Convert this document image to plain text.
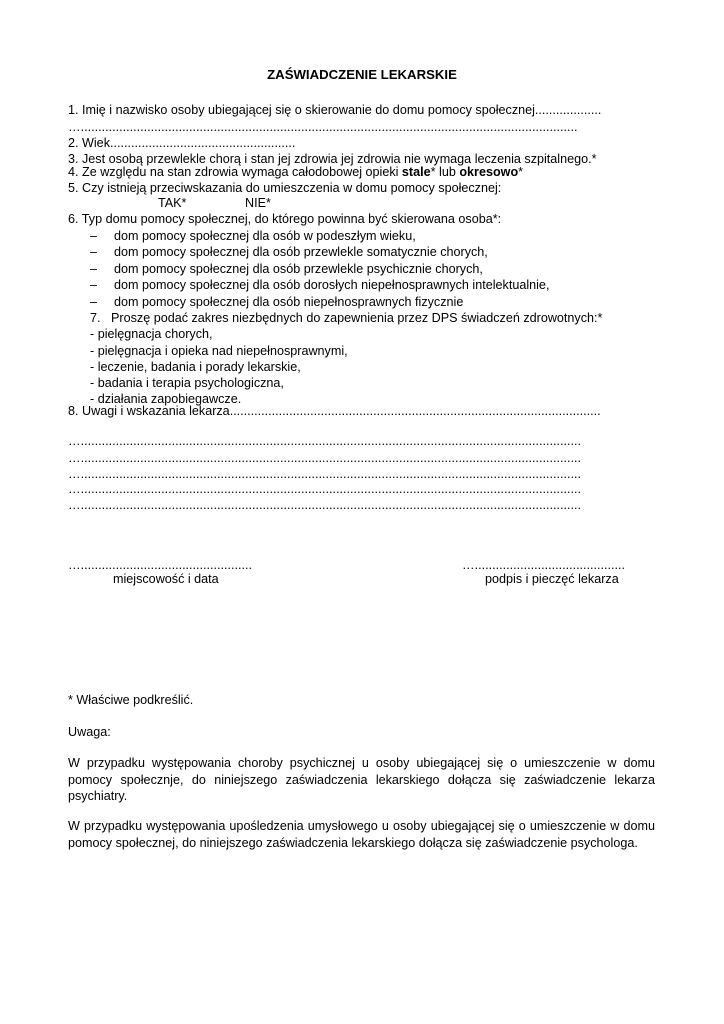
ZAŚWIADCZENIE LEKARSKIE
1. Imię i nazwisko osoby ubiegającej się o skierowanie do domu pomocy społecznej...................
…..............................................................................................................................................
2. Wiek.....................................................
3. Jest osobą przewlekle chorą i stan jej zdrowia jej zdrowia nie wymaga leczenia szpitalnego.*
4. Ze względu na stan zdrowia wymaga całodobowej opieki stale* lub okresowo*
5. Czy istnieją przeciwskazania do umieszczenia w domu pomocy społecznej:
TAK*	NIE*
6. Typ domu pomocy społecznej, do którego powinna być skierowana osoba*:
– dom pomocy społecznej dla osób w podeszłym wieku,
– dom pomocy społecznej dla osób przewlekle somatycznie chorych,
– dom pomocy społecznej dla osób przewlekle psychicznie chorych,
– dom pomocy społecznej dla osób dorosłych niepełnosprawnych intelektualnie,
– dom pomocy społecznej dla osób niepełnosprawnych fizycznie
7.   Proszę podać zakres niezbędnych do zapewnienia przez DPS świadczeń zdrowotnych:*
- pielęgnacja chorych,
- pielęgnacja i opieka nad niepełnosprawnymi,
- leczenie, badania i porady lekarskie,
- badania i terapia psychologiczna,
- działania zapobiegawcze.
8. Uwagi i wskazania lekarza..........................................................................................................
…...............................................................................................................................................
…...............................................................................................................................................
…...............................................................................................................................................
…...............................................................................................................................................
…...............................................................................................................................................
….................................................
miejscowość i data
…...........................................
podpis i pieczęć lekarza
* Właściwe podkreślić.
Uwaga:
W przypadku występowania choroby psychicznej u osoby ubiegającej się o umieszczenie w domu pomocy społecznje, do niniejszego zaświadczenia lekarskiego dołącza się zaświadczenie lekarza psychiatry.
W przypadku występowania upośledzenia umysłowego u osoby ubiegającej się o umieszczenie w domu pomocy społecznej, do niniejszego zaświadczenia lekarskiego dołącza się zaświadczenie psychologa.
